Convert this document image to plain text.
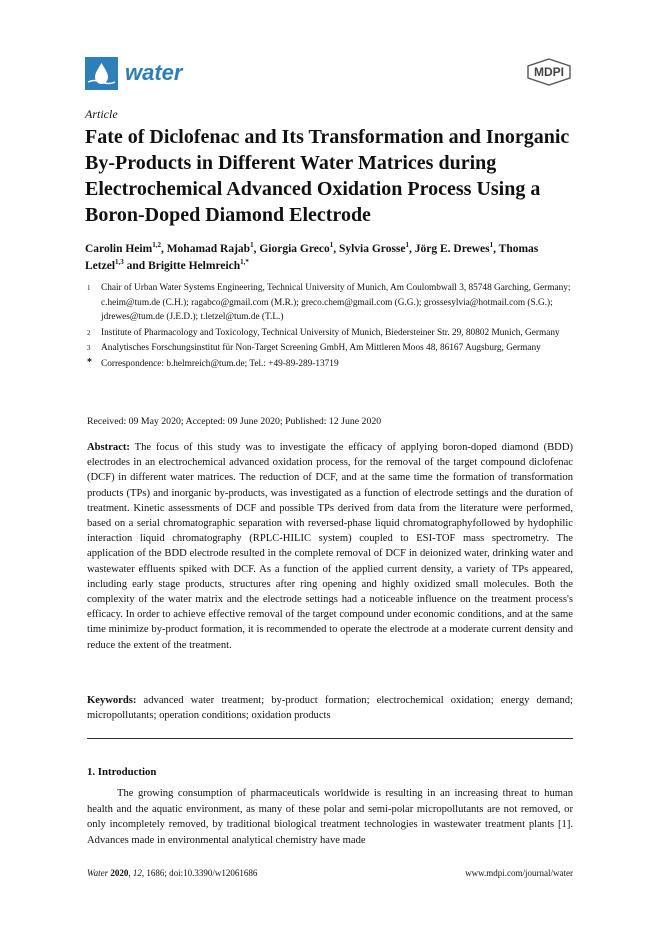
water	MDPI
Article
Fate of Diclofenac and Its Transformation and Inorganic By-Products in Different Water Matrices during Electrochemical Advanced Oxidation Process Using a Boron-Doped Diamond Electrode
Carolin Heim$^{1,2}$, Mohamad Rajab$^1$, Giorgia Greco$^1$, Sylvia Grosse$^1$, Jörg E. Drewes$^1$, Thomas Letzel$^{1,3}$ and Brigitte Helmreich$^{1,*}$
1 Chair of Urban Water Systems Engineering, Technical University of Munich, Am Coulombwall 3, 85748 Garching, Germany; c.heim@tum.de (C.H.); ragabco@gmail.com (M.R.); greco.chem@gmail.com (G.G.); grossesylvia@hotmail.com (S.G.); jdrewes@tum.de (J.E.D.); t.letzel@tum.de (T.L.)
2 Institute of Pharmacology and Toxicology, Technical University of Munich, Biedersteiner Str. 29, 80802 Munich, Germany
3 Analytisches Forschungsinstitut für Non-Target Screening GmbH, Am Mittleren Moos 48, 86167 Augsburg, Germany
* Correspondence: b.helmreich@tum.de; Tel.: +49-89-289-13719
Received: 09 May 2020; Accepted: 09 June 2020; Published: 12 June 2020

Abstract: The focus of this study was to investigate the efficacy of applying boron-doped diamond (BDD) electrodes in an electrochemical advanced oxidation process, for the removal of the target compound diclofenac (DCF) in different water matrices. The reduction of DCF, and at the same time the formation of transformation products (TPs) and inorganic by-products, was investigated as a function of electrode settings and the duration of treatment. Kinetic assessments of DCF and possible TPs derived from data from the literature were performed, based on a serial chromatographic separation with reversed-phase liquid chromatographyfollowed by hydophilic interaction liquid chromatography (RPLC-HILIC system) coupled to ESI-TOF mass spectrometry. The application of the BDD electrode resulted in the complete removal of DCF in deionized water, drinking water and wastewater effluents spiked with DCF. As a function of the applied current density, a variety of TPs appeared, including early stage products, structures after ring opening and highly oxidized small molecules. Both the complexity of the water matrix and the electrode settings had a noticeable influence on the treatment process's efficacy. In order to achieve effective removal of the target compound under economic conditions, and at the same time minimize by-product formation, it is recommended to operate the electrode at a moderate current density and reduce the extent of the treatment.

Keywords: advanced water treatment; by-product formation; electrochemical oxidation; energy demand; micropollutants; operation conditions; oxidation products

1. Introduction

The growing consumption of pharmaceuticals worldwide is resulting in an increasing threat to human health and the aquatic environment, as many of these polar and semi-polar micropollutants are not removed, or only incompletely removed, by traditional biological treatment technologies in wastewater treatment plants [1]. Advances made in environmental analytical chemistry have made

Water 2020, 12, 1686; doi:10.3390/w12061686	www.mdpi.com/journal/water
